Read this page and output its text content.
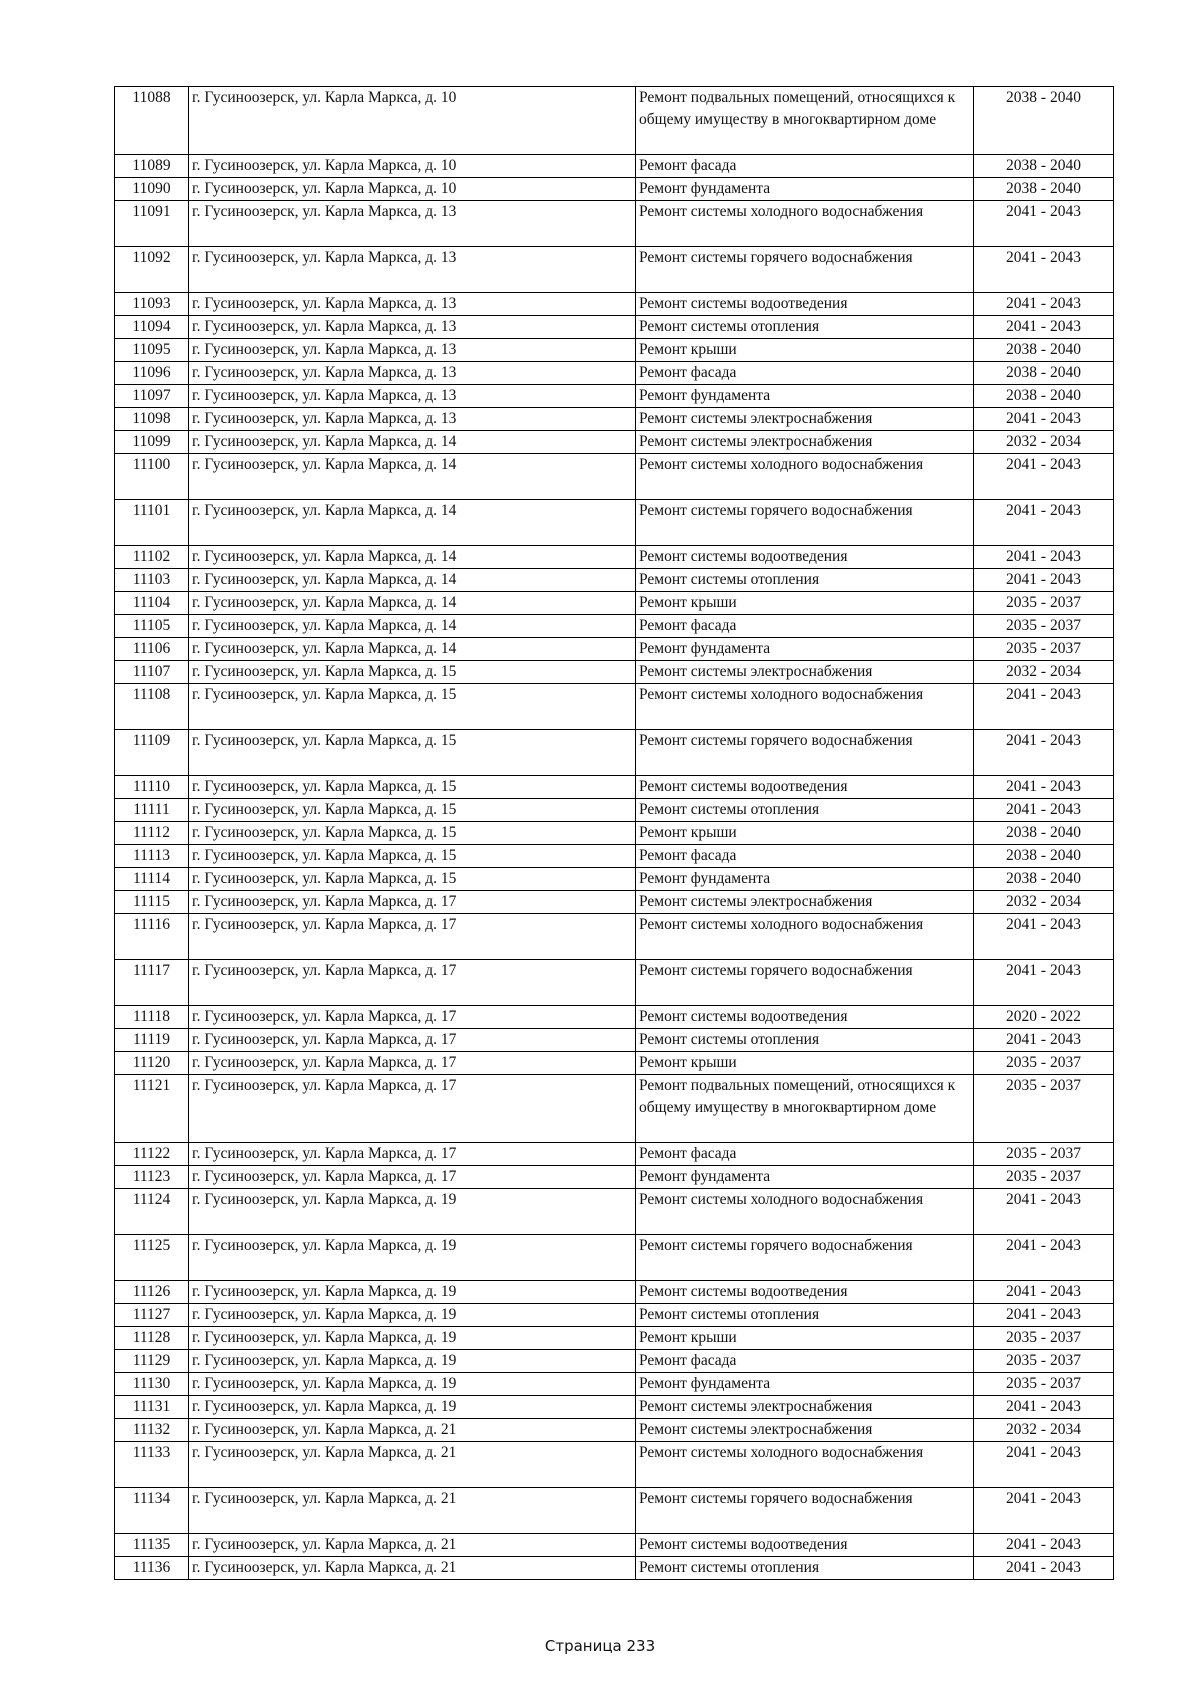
11088	г. Гусиноозерск, ул. Карла Маркса, д. 10	Ремонт подвальных помещений, относящихся к общему имуществу в многоквартирном доме	2038 - 2040
11089	г. Гусиноозерск, ул. Карла Маркса, д. 10	Ремонт фасада	2038 - 2040
11090	г. Гусиноозерск, ул. Карла Маркса, д. 10	Ремонт фундамента	2038 - 2040
11091	г. Гусиноозерск, ул. Карла Маркса, д. 13	Ремонт системы холодного водоснабжения	2041 - 2043
11092	г. Гусиноозерск, ул. Карла Маркса, д. 13	Ремонт системы горячего водоснабжения	2041 - 2043
11093	г. Гусиноозерск, ул. Карла Маркса, д. 13	Ремонт системы водоотведения	2041 - 2043
11094	г. Гусиноозерск, ул. Карла Маркса, д. 13	Ремонт системы отопления	2041 - 2043
11095	г. Гусиноозерск, ул. Карла Маркса, д. 13	Ремонт крыши	2038 - 2040
11096	г. Гусиноозерск, ул. Карла Маркса, д. 13	Ремонт фасада	2038 - 2040
11097	г. Гусиноозерск, ул. Карла Маркса, д. 13	Ремонт фундамента	2038 - 2040
11098	г. Гусиноозерск, ул. Карла Маркса, д. 13	Ремонт системы электроснабжения	2041 - 2043
11099	г. Гусиноозерск, ул. Карла Маркса, д. 14	Ремонт системы электроснабжения	2032 - 2034
11100	г. Гусиноозерск, ул. Карла Маркса, д. 14	Ремонт системы холодного водоснабжения	2041 - 2043
11101	г. Гусиноозерск, ул. Карла Маркса, д. 14	Ремонт системы горячего водоснабжения	2041 - 2043
11102	г. Гусиноозерск, ул. Карла Маркса, д. 14	Ремонт системы водоотведения	2041 - 2043
11103	г. Гусиноозерск, ул. Карла Маркса, д. 14	Ремонт системы отопления	2041 - 2043
11104	г. Гусиноозерск, ул. Карла Маркса, д. 14	Ремонт крыши	2035 - 2037
11105	г. Гусиноозерск, ул. Карла Маркса, д. 14	Ремонт фасада	2035 - 2037
11106	г. Гусиноозерск, ул. Карла Маркса, д. 14	Ремонт фундамента	2035 - 2037
11107	г. Гусиноозерск, ул. Карла Маркса, д. 15	Ремонт системы электроснабжения	2032 - 2034
11108	г. Гусиноозерск, ул. Карла Маркса, д. 15	Ремонт системы холодного водоснабжения	2041 - 2043
11109	г. Гусиноозерск, ул. Карла Маркса, д. 15	Ремонт системы горячего водоснабжения	2041 - 2043
11110	г. Гусиноозерск, ул. Карла Маркса, д. 15	Ремонт системы водоотведения	2041 - 2043
11111	г. Гусиноозерск, ул. Карла Маркса, д. 15	Ремонт системы отопления	2041 - 2043
11112	г. Гусиноозерск, ул. Карла Маркса, д. 15	Ремонт крыши	2038 - 2040
11113	г. Гусиноозерск, ул. Карла Маркса, д. 15	Ремонт фасада	2038 - 2040
11114	г. Гусиноозерск, ул. Карла Маркса, д. 15	Ремонт фундамента	2038 - 2040
11115	г. Гусиноозерск, ул. Карла Маркса, д. 17	Ремонт системы электроснабжения	2032 - 2034
11116	г. Гусиноозерск, ул. Карла Маркса, д. 17	Ремонт системы холодного водоснабжения	2041 - 2043
11117	г. Гусиноозерск, ул. Карла Маркса, д. 17	Ремонт системы горячего водоснабжения	2041 - 2043
11118	г. Гусиноозерск, ул. Карла Маркса, д. 17	Ремонт системы водоотведения	2020 - 2022
11119	г. Гусиноозерск, ул. Карла Маркса, д. 17	Ремонт системы отопления	2041 - 2043
11120	г. Гусиноозерск, ул. Карла Маркса, д. 17	Ремонт крыши	2035 - 2037
11121	г. Гусиноозерск, ул. Карла Маркса, д. 17	Ремонт подвальных помещений, относящихся к общему имуществу в многоквартирном доме	2035 - 2037
11122	г. Гусиноозерск, ул. Карла Маркса, д. 17	Ремонт фасада	2035 - 2037
11123	г. Гусиноозерск, ул. Карла Маркса, д. 17	Ремонт фундамента	2035 - 2037
11124	г. Гусиноозерск, ул. Карла Маркса, д. 19	Ремонт системы холодного водоснабжения	2041 - 2043
11125	г. Гусиноозерск, ул. Карла Маркса, д. 19	Ремонт системы горячего водоснабжения	2041 - 2043
11126	г. Гусиноозерск, ул. Карла Маркса, д. 19	Ремонт системы водоотведения	2041 - 2043
11127	г. Гусиноозерск, ул. Карла Маркса, д. 19	Ремонт системы отопления	2041 - 2043
11128	г. Гусиноозерск, ул. Карла Маркса, д. 19	Ремонт крыши	2035 - 2037
11129	г. Гусиноозерск, ул. Карла Маркса, д. 19	Ремонт фасада	2035 - 2037
11130	г. Гусиноозерск, ул. Карла Маркса, д. 19	Ремонт фундамента	2035 - 2037
11131	г. Гусиноозерск, ул. Карла Маркса, д. 19	Ремонт системы электроснабжения	2041 - 2043
11132	г. Гусиноозерск, ул. Карла Маркса, д. 21	Ремонт системы электроснабжения	2032 - 2034
11133	г. Гусиноозерск, ул. Карла Маркса, д. 21	Ремонт системы холодного водоснабжения	2041 - 2043
11134	г. Гусиноозерск, ул. Карла Маркса, д. 21	Ремонт системы горячего водоснабжения	2041 - 2043
11135	г. Гусиноозерск, ул. Карла Маркса, д. 21	Ремонт системы водоотведения	2041 - 2043
11136	г. Гусиноозерск, ул. Карла Маркса, д. 21	Ремонт системы отопления	2041 - 2043
Страница 233
